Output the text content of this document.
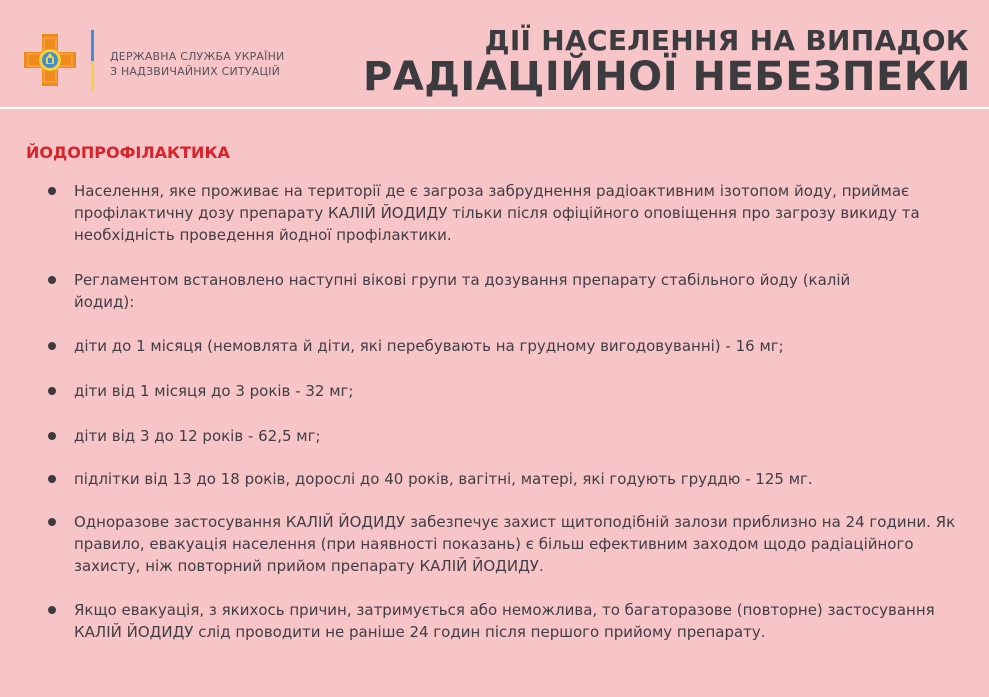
ДЕРЖАВНА СЛУЖБА УКРАЇНИ
З НАДЗВИЧАЙНИХ СИТУАЦІЙ
ДІЇ НАСЕЛЕННЯ НА ВИПАДОК
РАДІАЦІЙНОЇ НЕБЕЗПЕКИ
ЙОДОПРОФІЛАКТИКА
Населення, яке проживає на території де є загроза забруднення радіоактивним ізотопом йоду, приймає профілактичну дозу препарату КАЛІЙ ЙОДИДУ тільки після офіційного оповіщення про загрозу викиду та необхідність проведення йодної профілактики.
Регламентом встановлено наступні вікові групи та дозування препарату стабільного йоду (калій йодид):
діти до 1 місяця (немовлята й діти, які перебувають на грудному вигодовуванні) - 16 мг;
діти від 1 місяця до 3 років - 32 мг;
діти від 3 до 12 років - 62,5 мг;
підлітки від 13 до 18 років, дорослі до 40 років, вагітні, матері, які годують груддю - 125 мг.
Одноразове застосування КАЛІЙ ЙОДИДУ забезпечує захист щитоподібній залози приблизно на 24 години. Як правило, евакуація населення (при наявності показань) є більш ефективним заходом щодо радіаційного захисту, ніж повторний прийом препарату КАЛІЙ ЙОДИДУ.
Якщо евакуація, з якихось причин, затримується або неможлива, то багаторазове (повторне) застосування КАЛІЙ ЙОДИДУ слід проводити не раніше 24 годин після першого прийому препарату.
